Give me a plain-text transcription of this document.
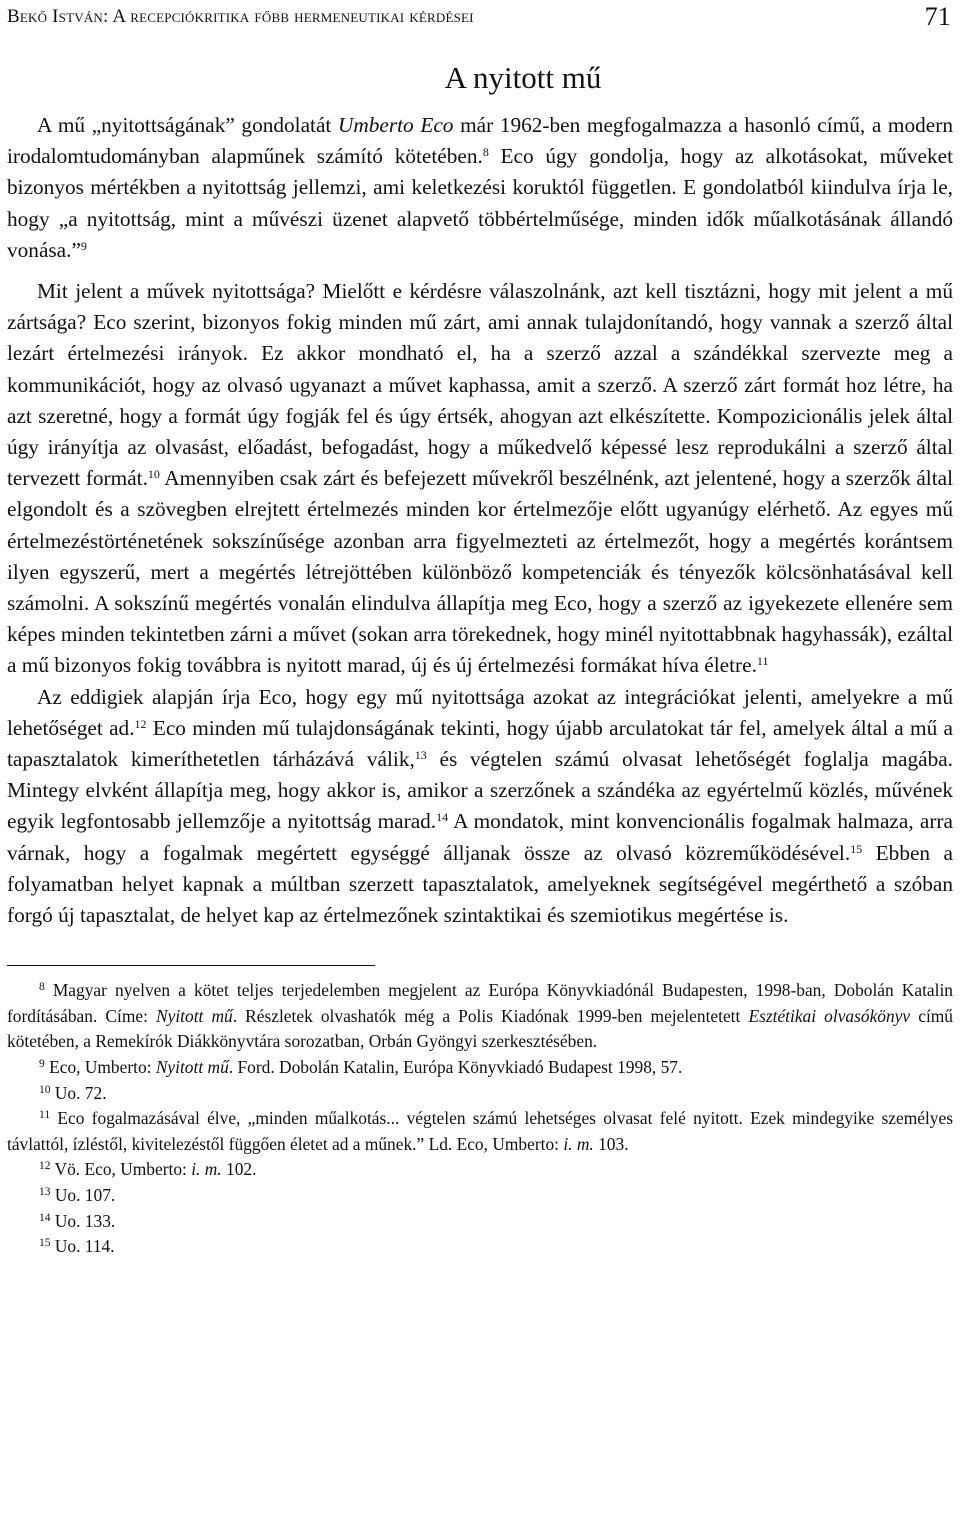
Bekő István: A recepciókritika főbb hermeneutikai kérdései	71
A nyitott mű

A mű „nyitottságának” gondolatát Umberto Eco már 1962-ben megfogalmazza a hasonló című, a modern irodalomtudományban alapműnek számító kötetében.$^8$ Eco úgy gondolja, hogy az alkotásokat, műveket bizonyos mértékben a nyitottság jellemzi, ami keletkezési koruktól független. E gondolatból kiindulva írja le, hogy „a nyitottság, mint a művészi üzenet alapvető többértelműsége, minden idők műalkotásának állandó vonása.”$^9$

Mit jelent a művek nyitottsága? Mielőtt e kérdésre válaszolnánk, azt kell tisztázni, hogy mit jelent a mű zártsága? Eco szerint, bizonyos fokig minden mű zárt, ami annak tulajdonítandó, hogy vannak a szerző által lezárt értelmezési irányok. Ez akkor mondható el, ha a szerző azzal a szándékkal szervezte meg a kommunikációt, hogy az olvasó ugyanazt a művet kaphassa, amit a szerző. A szerző zárt formát hoz létre, ha azt szeretné, hogy a formát úgy fogják fel és úgy értsék, ahogyan azt elkészítette. Kompozicionális jelek által úgy irányítja az olvasást, előadást, befogadást, hogy a műkedvelő képessé lesz reprodukálni a szerző által tervezett formát.$^{10}$ Amennyiben csak zárt és befejezett művekről beszélnénk, azt jelentené, hogy a szerzők által elgondolt és a szövegben elrejtett értelmezés minden kor értelmezője előtt ugyanúgy elérhető. Az egyes mű értelmezéstörténetének sokszínűsége azonban arra figyelmezteti az értelmezőt, hogy a megértés korántsem ilyen egyszerű, mert a megértés létrejöttében különböző kompetenciák és tényezők kölcsönhatásával kell számolni. A sokszínű megértés vonalán elindulva állapítja meg Eco, hogy a szerző az igyekezete ellenére sem képes minden tekintetben zárni a művet (sokan arra törekednek, hogy minél nyitottabbnak hagyhassák), ezáltal a mű bizonyos fokig továbbra is nyitott marad, új és új értelmezési formákat híva életre.$^{11}$

Az eddigiek alapján írja Eco, hogy egy mű nyitottsága azokat az integrációkat jelenti, amelyekre a mű lehetőséget ad.$^{12}$ Eco minden mű tulajdonságának tekinti, hogy újabb arculatokat tár fel, amelyek által a mű a tapasztalatok kimeríthetetlen tárházává válik,$^{13}$ és végtelen számú olvasat lehetőségét foglalja magába. Mintegy elvként állapítja meg, hogy akkor is, amikor a szerzőnek a szándéka az egyértelmű közlés, művének egyik legfontosabb jellemzője a nyitottság marad.$^{14}$ A mondatok, mint konvencionális fogalmak halmaza, arra várnak, hogy a fogalmak megértett egységgé álljanak össze az olvasó közreműködésével.$^{15}$ Ebben a folyamatban helyet kapnak a múltban szerzett tapasztalatok, amelyeknek segítségével megérthető a szóban forgó új tapasztalat, de helyet kap az értelmezőnek szintaktikai és szemiotikus megértése is.

$^8$ Magyar nyelven a kötet teljes terjedelemben megjelent az Európa Könyvkiadónál Budapesten, 1998-ban, Dobolán Katalin fordításában. Címe: Nyitott mű. Részletek olvashatók még a Polis Kiadónak 1999-ben mejelentetett Esztétikai olvasókönyv című kötetében, a Remekírók Diákkönyvtára sorozatban, Orbán Gyöngyi szerkesztésében.

$^9$ Eco, Umberto: Nyitott mű. Ford. Dobolán Katalin, Európa Könyvkiadó Budapest 1998, 57.

$^{10}$ Uo. 72.

$^{11}$ Eco fogalmazásával élve, „minden műalkotás... végtelen számú lehetséges olvasat felé nyitott. Ezek mindegyike személyes távlattól, ízléstől, kivitelezéstől függően életet ad a műnek.” Ld. Eco, Umberto: i. m. 103.

$^{12}$ Vö. Eco, Umberto: i. m. 102.

$^{13}$ Uo. 107.

$^{14}$ Uo. 133.

$^{15}$ Uo. 114.
